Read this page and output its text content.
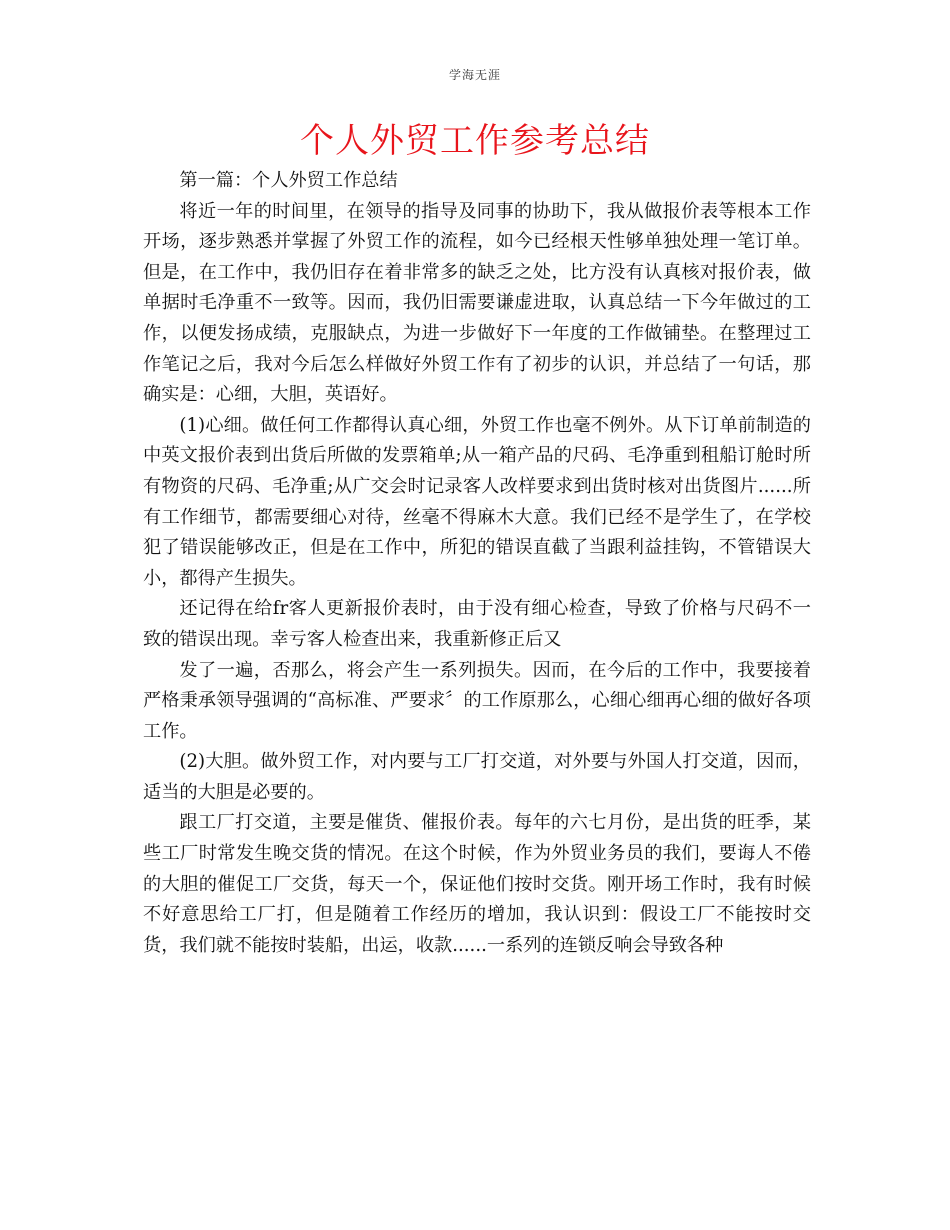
学海无涯
个人外贸工作参考总结

第一篇：个人外贸工作总结

将近一年的时间里，在领导的指导及同事的协助下，我从做报价表等根本工作开场，逐步熟悉并掌握了外贸工作的流程，如今已经根天性够单独处理一笔订单。但是，在工作中，我仍旧存在着非常多的缺乏之处，比方没有认真核对报价表，做单据时毛净重不一致等。因而，我仍旧需要谦虚进取，认真总结一下今年做过的工作，以便发扬成绩，克服缺点，为进一步做好下一年度的工作做铺垫。在整理过工作笔记之后，我对今后怎么样做好外贸工作有了初步的认识，并总结了一句话，那确实是：心细，大胆，英语好。

(1)心细。做任何工作都得认真心细，外贸工作也毫不例外。从下订单前制造的中英文报价表到出货后所做的发票箱单;从一箱产品的尺码、毛净重到租船订舱时所有物资的尺码、毛净重;从广交会时记录客人改样要求到出货时核对出货图片......所有工作细节，都需要细心对待，丝毫不得麻木大意。我们已经不是学生了，在学校犯了错误能够改正，但是在工作中，所犯的错误直截了当跟利益挂钩，不管错误大小，都得产生损失。

还记得在给fr客人更新报价表时，由于没有细心检查，导致了价格与尺码不一致的错误出现。幸亏客人检查出来，我重新修正后又

发了一遍，否那么，将会产生一系列损失。因而，在今后的工作中，我要接着严格秉承领导强调的“高标准、严要求〞的工作原那么，心细心细再心细的做好各项工作。

(2)大胆。做外贸工作，对内要与工厂打交道，对外要与外国人打交道，因而，适当的大胆是必要的。

跟工厂打交道，主要是催货、催报价表。每年的六七月份，是出货的旺季，某些工厂时常发生晚交货的情况。在这个时候，作为外贸业务员的我们，要诲人不倦的大胆的催促工厂交货，每天一个，保证他们按时交货。刚开场工作时，我有时候不好意思给工厂打，但是随着工作经历的增加，我认识到：假设工厂不能按时交货，我们就不能按时装船，出运，收款......一系列的连锁反响会导致各种
